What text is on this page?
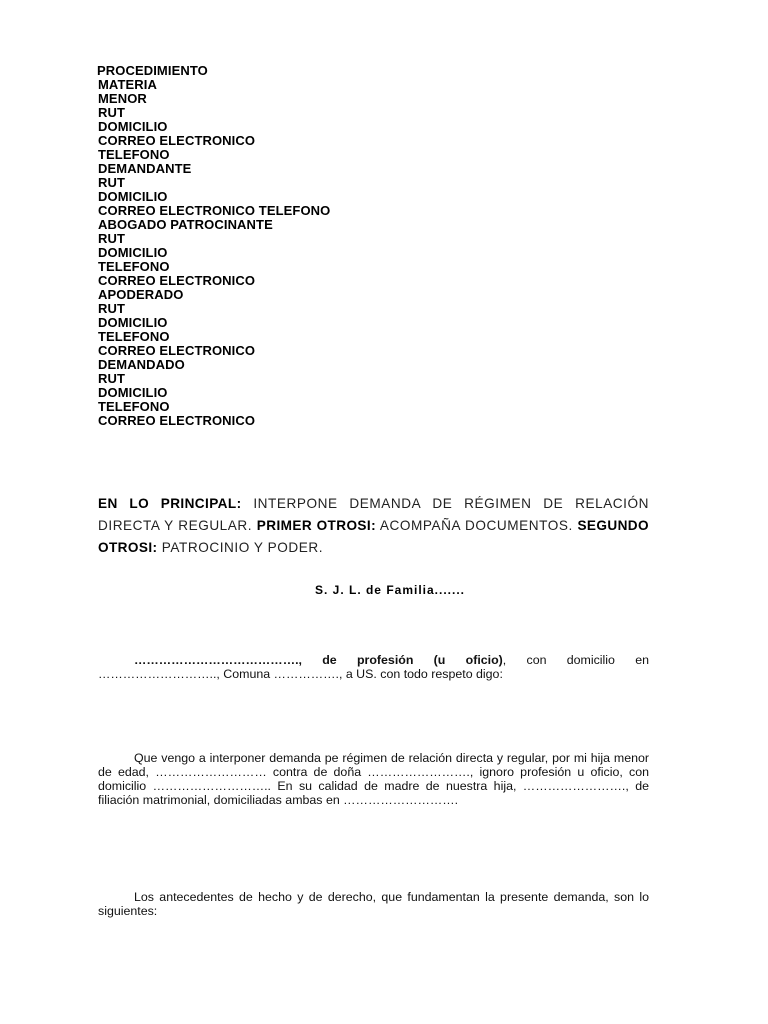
PROCEDIMIENTO
MATERIA
MENOR
RUT
DOMICILIO
CORREO ELECTRONICO
TELEFONO
DEMANDANTE
RUT
DOMICILIO
CORREO ELECTRONICO TELEFONO
ABOGADO PATROCINANTE
RUT
DOMICILIO
TELEFONO
CORREO ELECTRONICO
APODERADO
RUT
DOMICILIO
TELEFONO
CORREO ELECTRONICO
DEMANDADO
RUT
DOMICILIO
TELEFONO
CORREO ELECTRONICO

EN LO PRINCIPAL: INTERPONE DEMANDA DE RÉGIMEN DE RELACIÓN DIRECTA Y REGULAR. PRIMER OTROSI: ACOMPAÑA DOCUMENTOS. SEGUNDO OTROSI: PATROCINIO Y PODER.

S. J. L. de Familia.......

…………………………………., de profesión (u oficio), con domicilio en ……………………….., Comuna ……………., a US. con todo respeto digo:

Que vengo a interponer demanda pe régimen de relación directa y regular, por mi hija menor de edad, ……………………… contra de doña ……………………., ignoro profesión u oficio, con domicilio ……………………….. En su calidad de madre de nuestra hija, ……………………., de filiación matrimonial, domiciliadas ambas en ……………………….

Los antecedentes de hecho y de derecho, que fundamentan la presente demanda, son lo siguientes:
